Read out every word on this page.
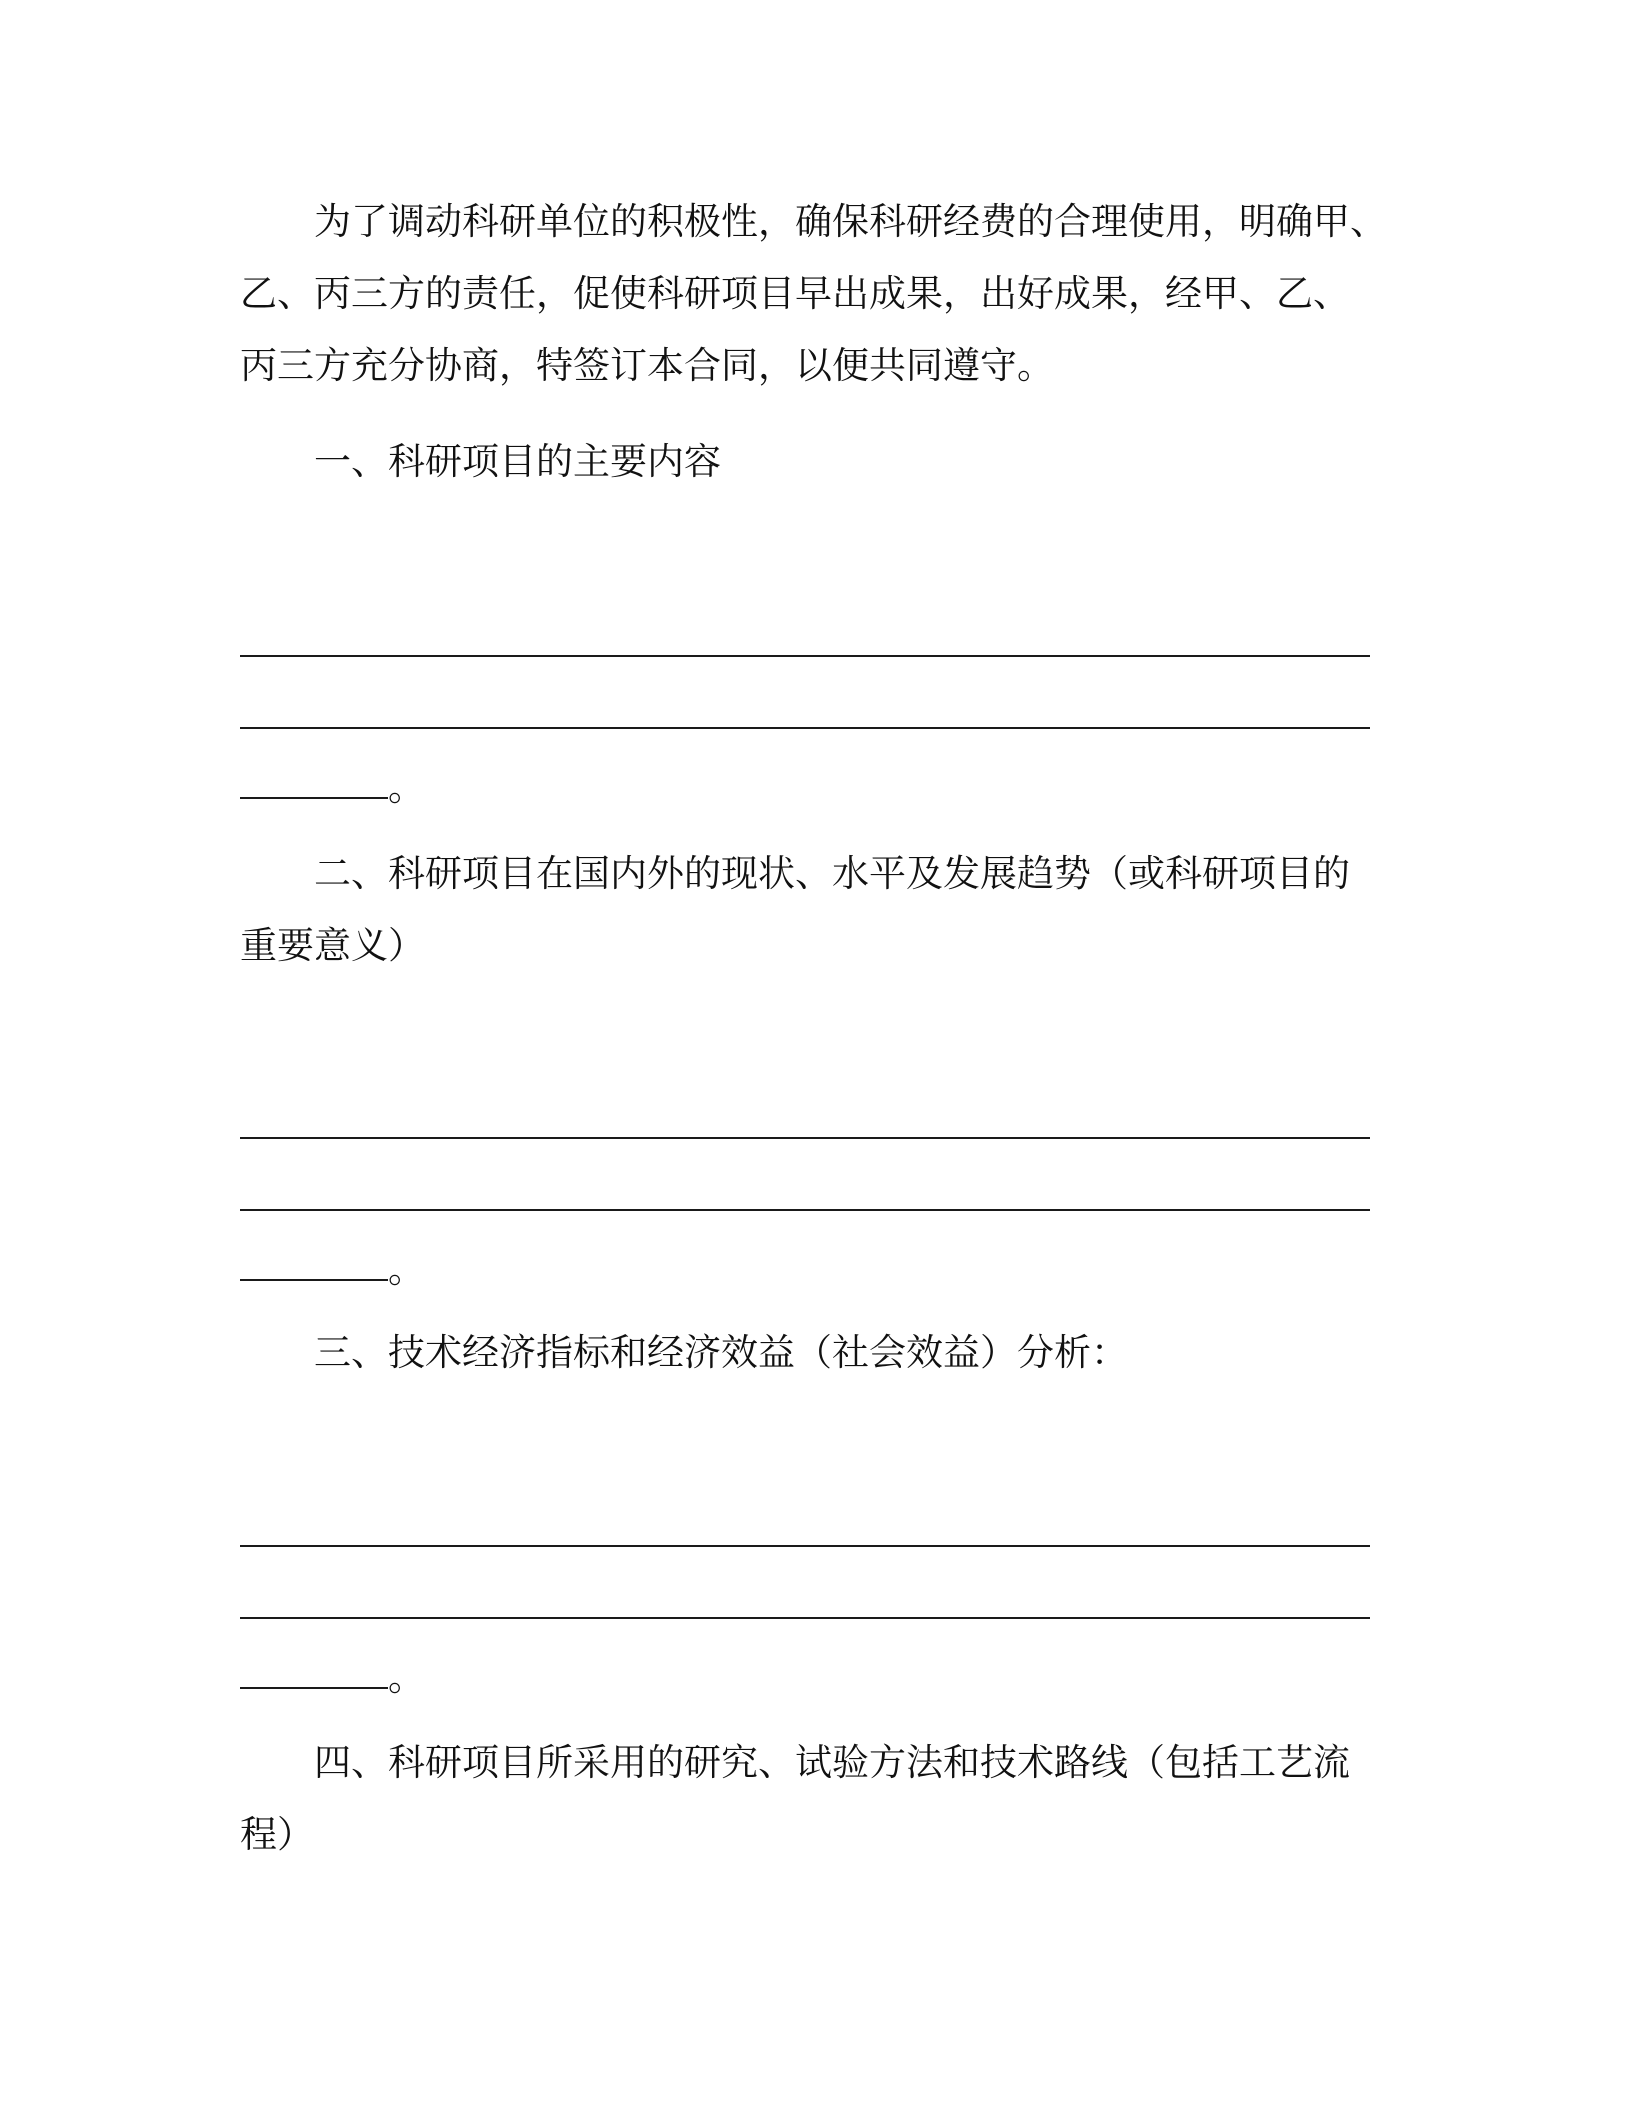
为了调动科研单位的积极性，确保科研经费的合理使用，明确甲、
乙、丙三方的责任，促使科研项目早出成果，出好成果，经甲、乙、
丙三方充分协商，特签订本合同，以便共同遵守。
一、科研项目的主要内容
。
二、科研项目在国内外的现状、水平及发展趋势（或科研项目的
重要意义）
。
三、技术经济指标和经济效益（社会效益）分析：
。
四、科研项目所采用的研究、试验方法和技术路线（包括工艺流
程）
